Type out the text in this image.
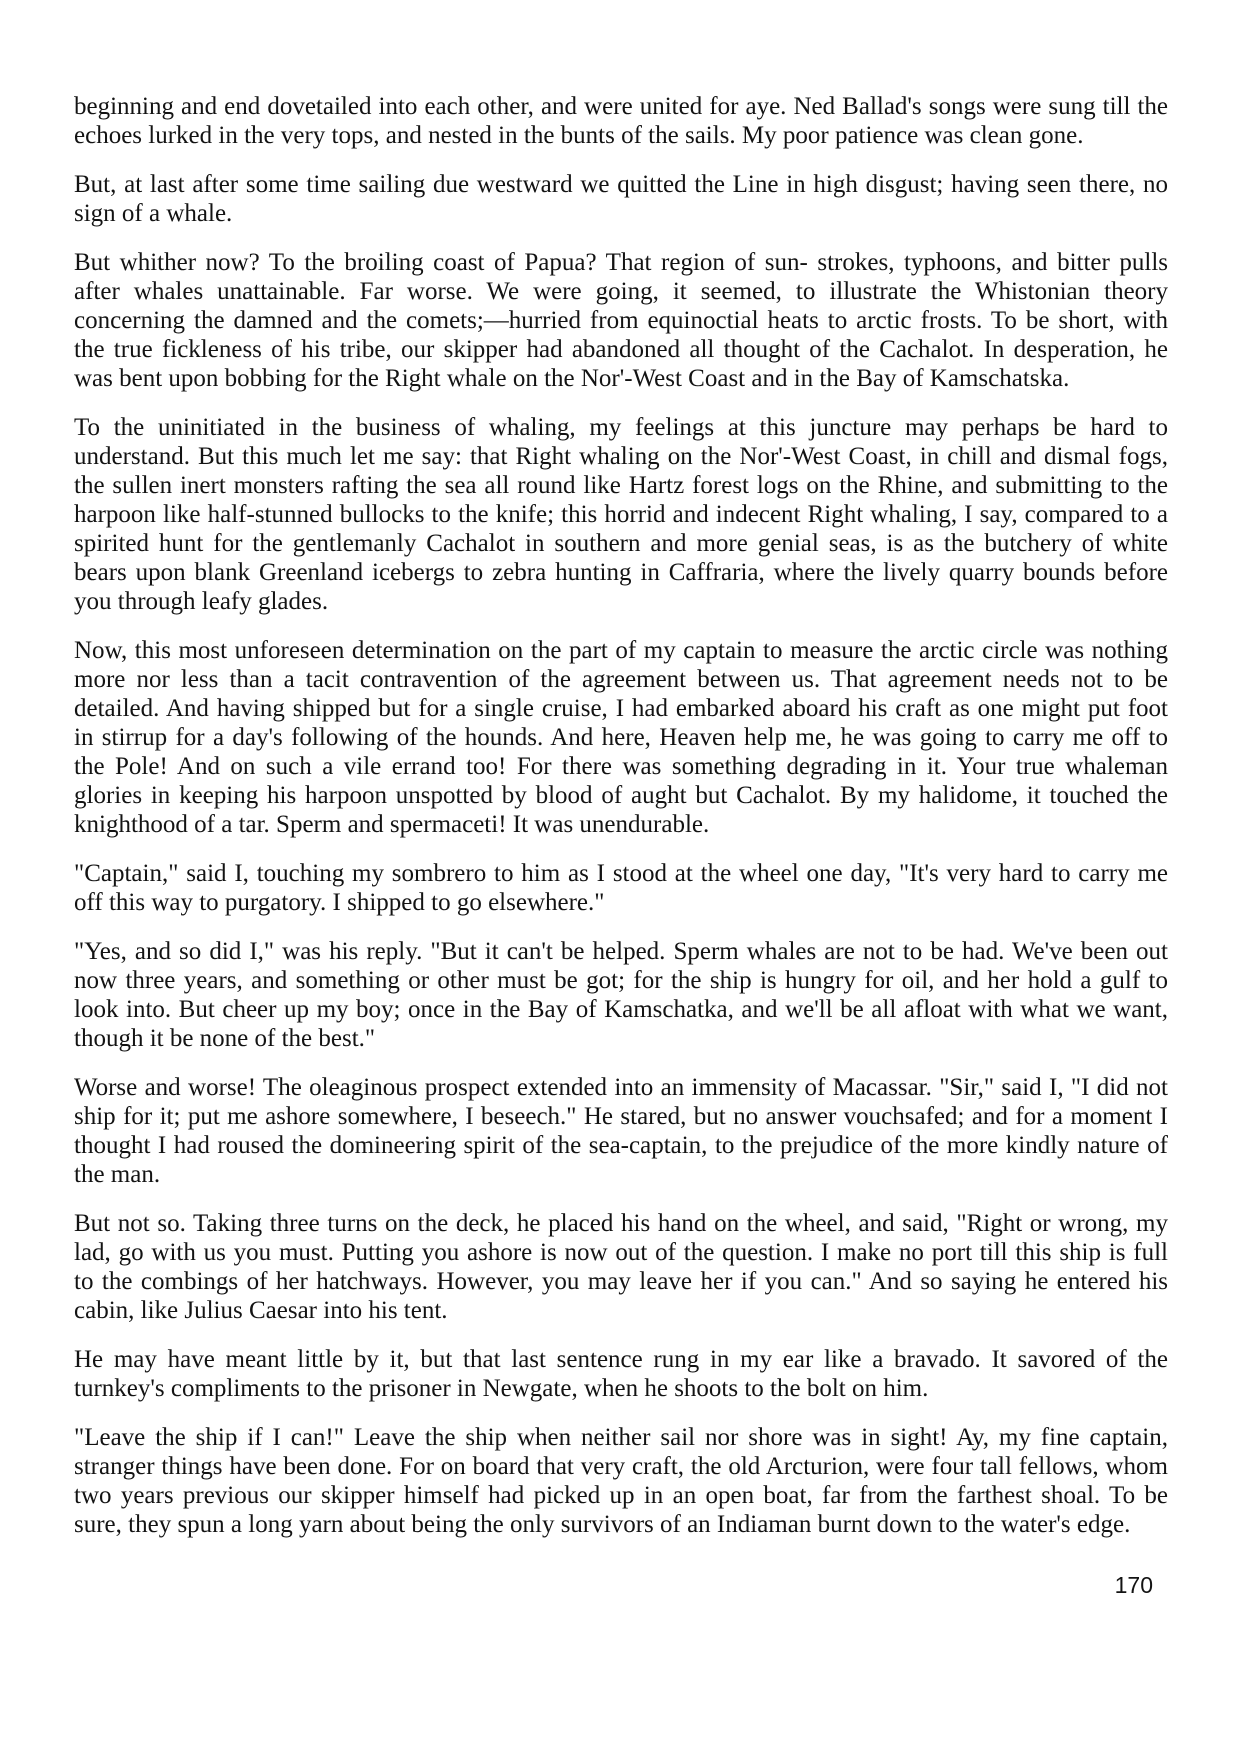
beginning and end dovetailed into each other, and were united for aye. Ned Ballad's songs were sung till the
echoes lurked in the very tops, and nested in the bunts of the sails. My poor patience was clean gone.
But, at last after some time sailing due westward we quitted the Line in high disgust; having seen there, no
sign of a whale.
But whither now? To the broiling coast of Papua? That region of sun- strokes, typhoons, and bitter pulls
after whales unattainable. Far worse. We were going, it seemed, to illustrate the Whistonian theory
concerning the damned and the comets;—hurried from equinoctial heats to arctic frosts. To be short, with
the true fickleness of his tribe, our skipper had abandoned all thought of the Cachalot. In desperation, he
was bent upon bobbing for the Right whale on the Nor'-West Coast and in the Bay of Kamschatska.
To the uninitiated in the business of whaling, my feelings at this juncture may perhaps be hard to
understand. But this much let me say: that Right whaling on the Nor'-West Coast, in chill and dismal fogs,
the sullen inert monsters rafting the sea all round like Hartz forest logs on the Rhine, and submitting to the
harpoon like half-stunned bullocks to the knife; this horrid and indecent Right whaling, I say, compared to a
spirited hunt for the gentlemanly Cachalot in southern and more genial seas, is as the butchery of white
bears upon blank Greenland icebergs to zebra hunting in Caffraria, where the lively quarry bounds before
you through leafy glades.
Now, this most unforeseen determination on the part of my captain to measure the arctic circle was nothing
more nor less than a tacit contravention of the agreement between us. That agreement needs not to be
detailed. And having shipped but for a single cruise, I had embarked aboard his craft as one might put foot
in stirrup for a day's following of the hounds. And here, Heaven help me, he was going to carry me off to
the Pole! And on such a vile errand too! For there was something degrading in it. Your true whaleman
glories in keeping his harpoon unspotted by blood of aught but Cachalot. By my halidome, it touched the
knighthood of a tar. Sperm and spermaceti! It was unendurable.
"Captain," said I, touching my sombrero to him as I stood at the wheel one day, "It's very hard to carry me
off this way to purgatory. I shipped to go elsewhere."
"Yes, and so did I," was his reply. "But it can't be helped. Sperm whales are not to be had. We've been out
now three years, and something or other must be got; for the ship is hungry for oil, and her hold a gulf to
look into. But cheer up my boy; once in the Bay of Kamschatka, and we'll be all afloat with what we want,
though it be none of the best."
Worse and worse! The oleaginous prospect extended into an immensity of Macassar. "Sir," said I, "I did not
ship for it; put me ashore somewhere, I beseech." He stared, but no answer vouchsafed; and for a moment I
thought I had roused the domineering spirit of the sea-captain, to the prejudice of the more kindly nature of
the man.
But not so. Taking three turns on the deck, he placed his hand on the wheel, and said, "Right or wrong, my
lad, go with us you must. Putting you ashore is now out of the question. I make no port till this ship is full
to the combings of her hatchways. However, you may leave her if you can." And so saying he entered his
cabin, like Julius Caesar into his tent.
He may have meant little by it, but that last sentence rung in my ear like a bravado. It savored of the
turnkey's compliments to the prisoner in Newgate, when he shoots to the bolt on him.
"Leave the ship if I can!" Leave the ship when neither sail nor shore was in sight! Ay, my fine captain,
stranger things have been done. For on board that very craft, the old Arcturion, were four tall fellows, whom
two years previous our skipper himself had picked up in an open boat, far from the farthest shoal. To be
sure, they spun a long yarn about being the only survivors of an Indiaman burnt down to the water's edge.
170
